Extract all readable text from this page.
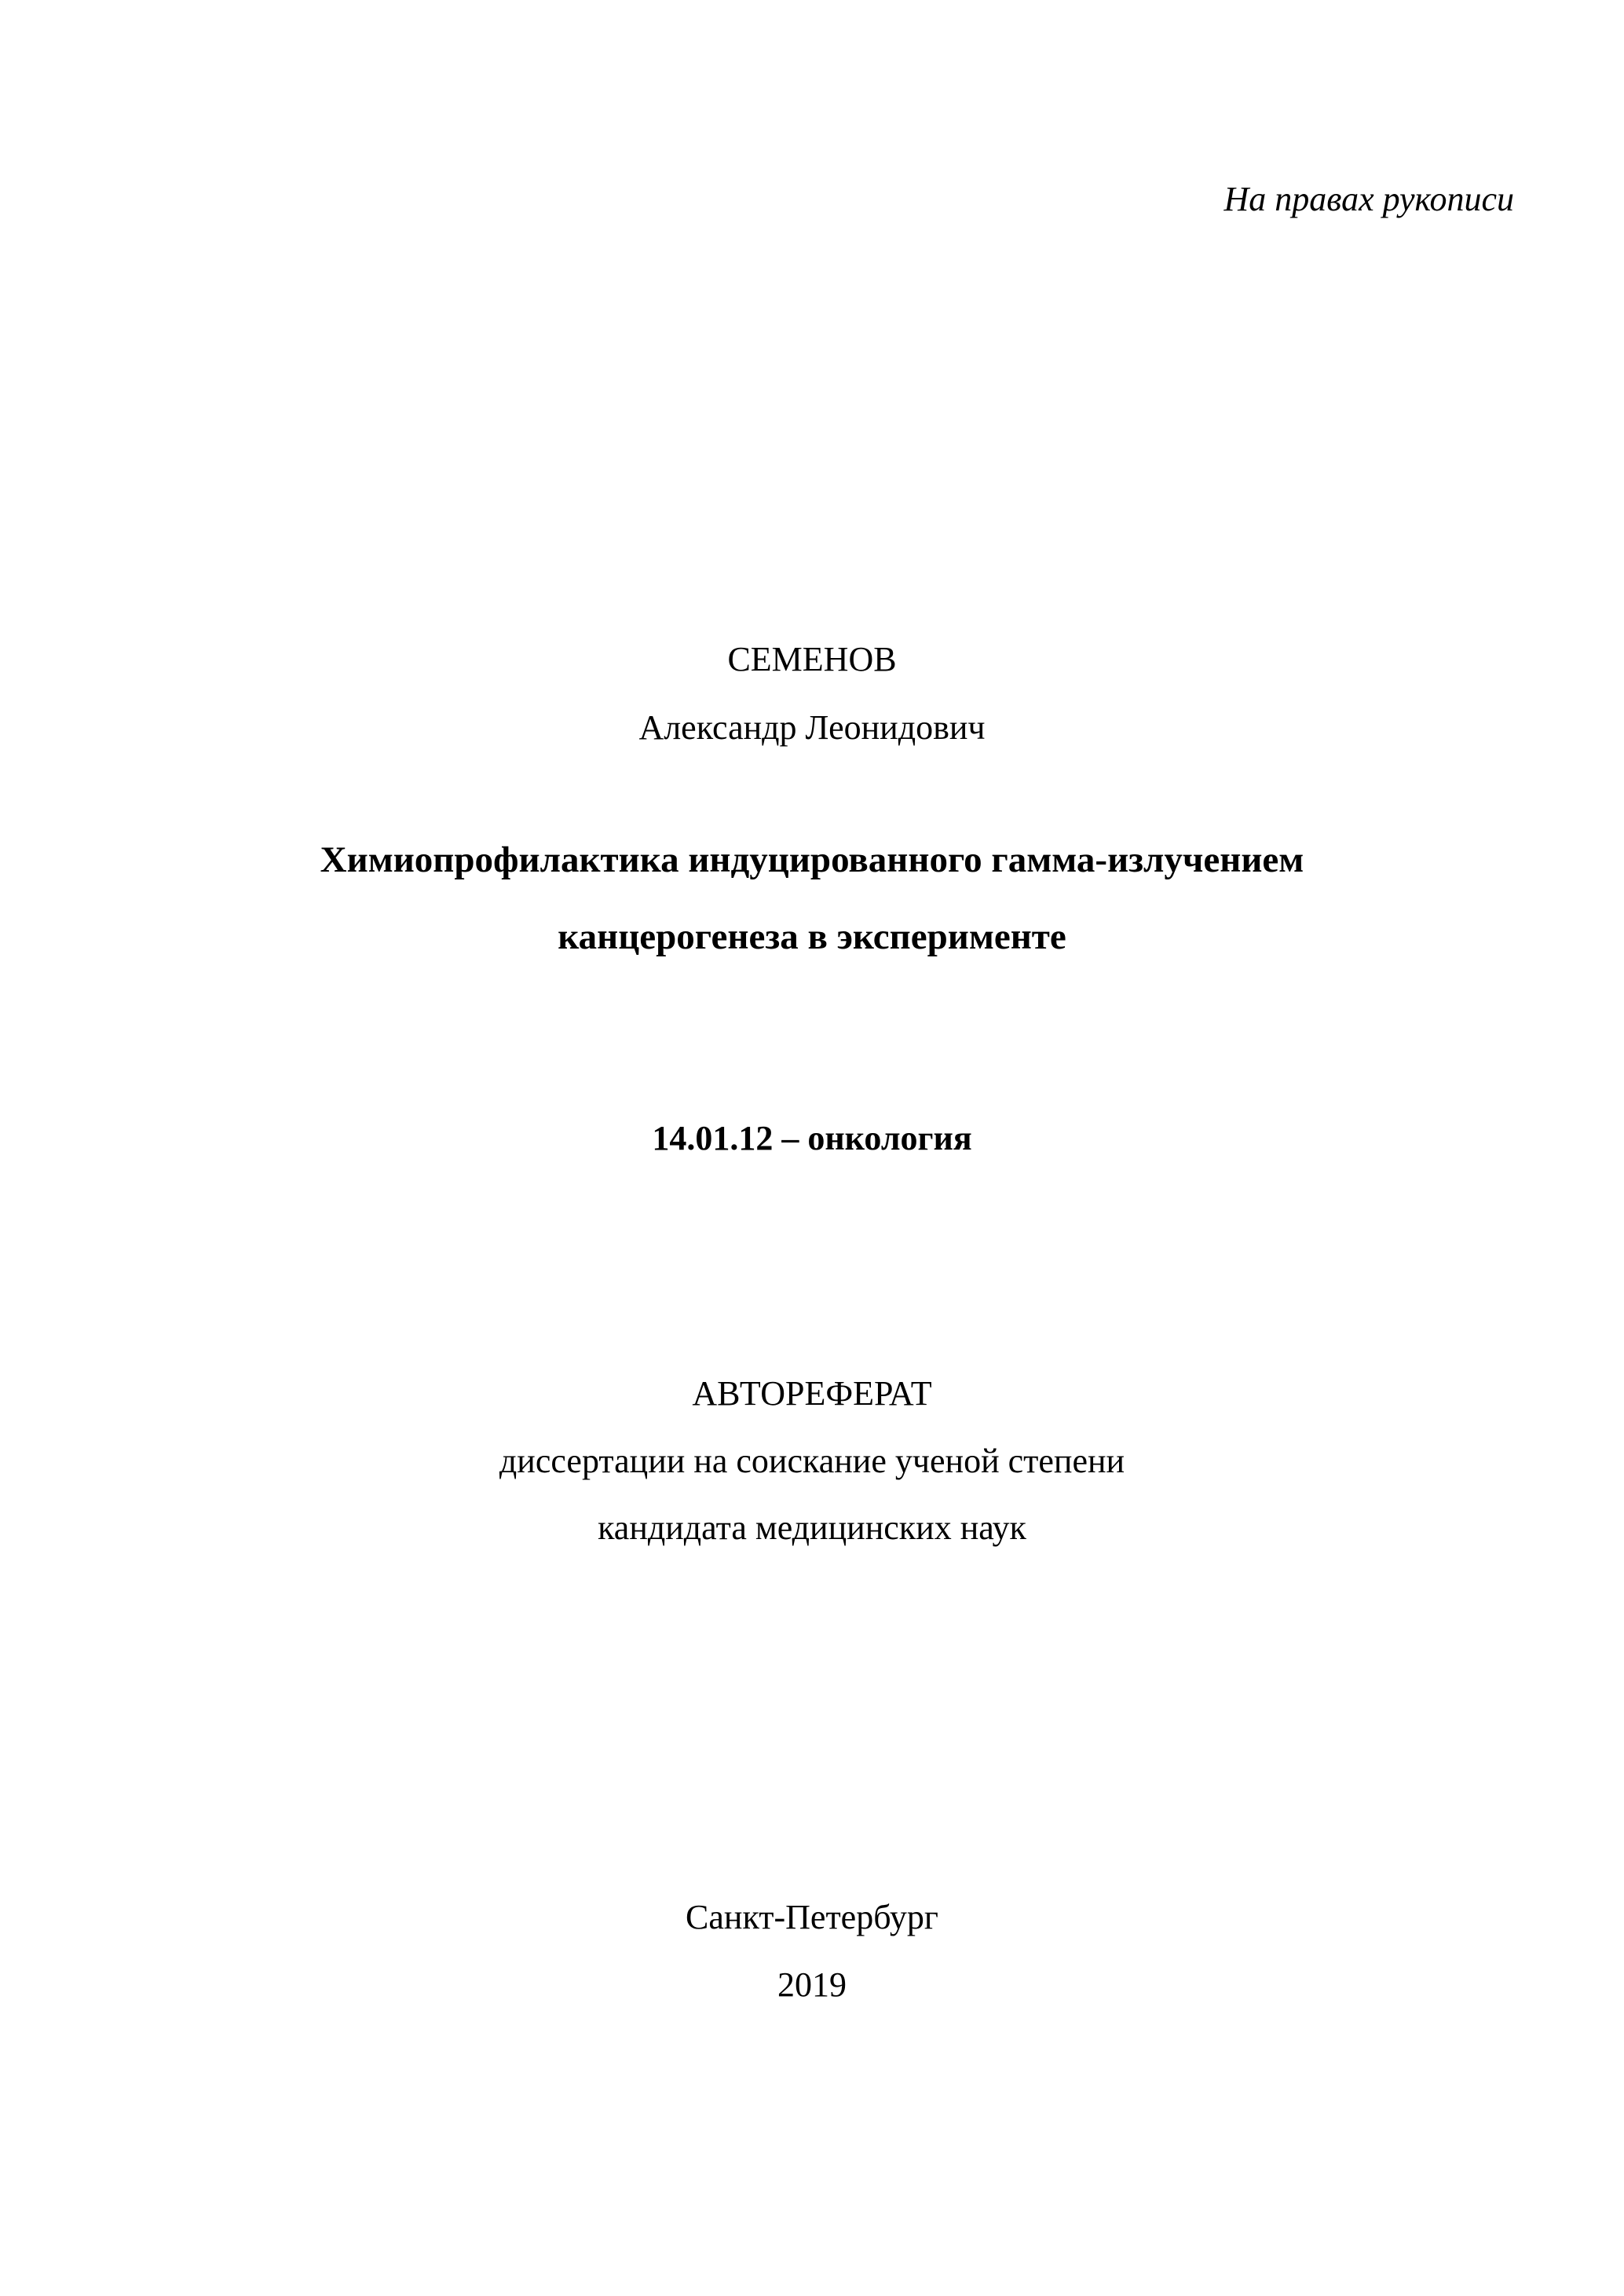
На правах рукописи
СЕМЕНОВ
Александр Леонидович
Химиопрофилактика индуцированного гамма-излучением
канцерогенеза в эксперименте
14.01.12 – онкология
АВТОРЕФЕРАТ
диссертации на соискание ученой степени
кандидата медицинских наук
Санкт-Петербург
2019
